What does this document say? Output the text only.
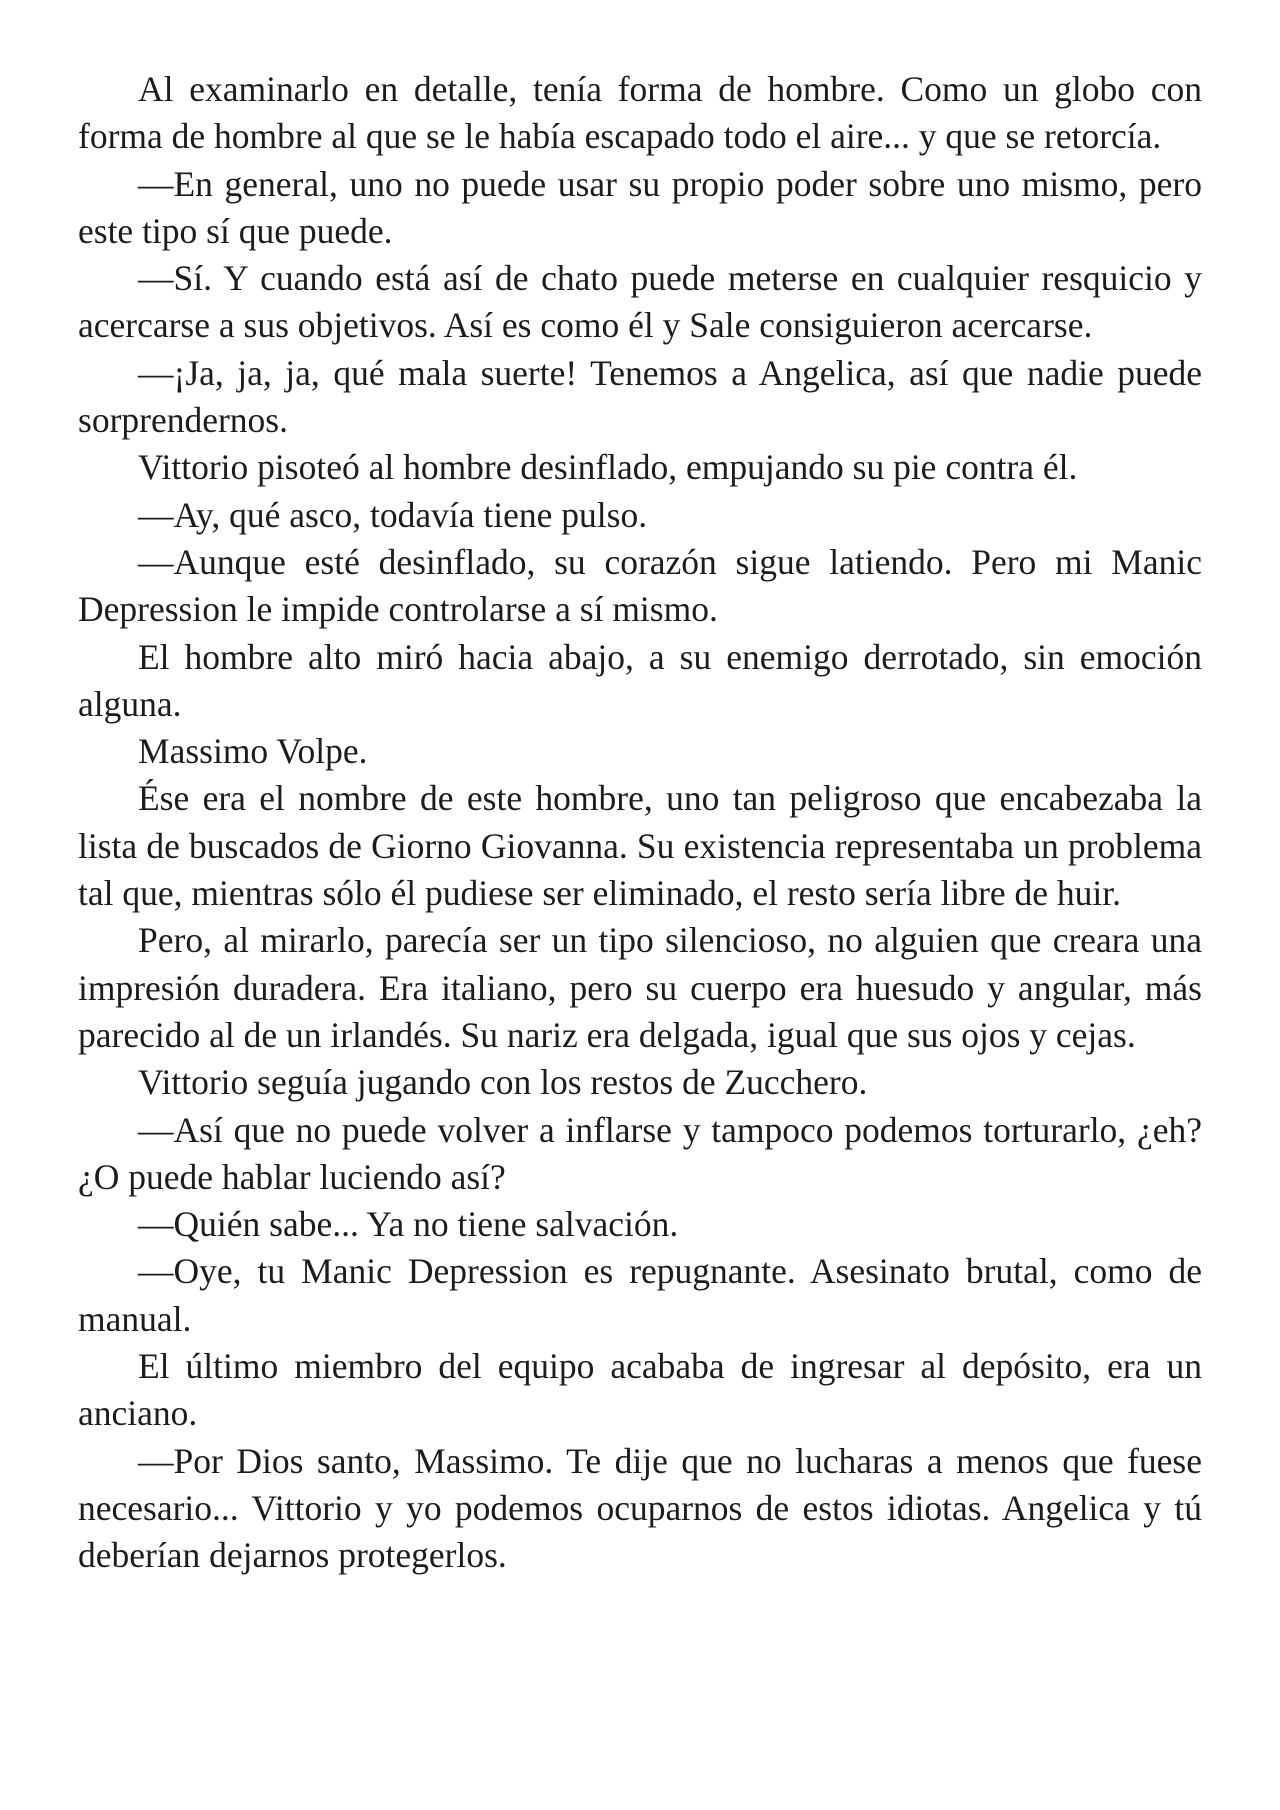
Al examinarlo en detalle, tenía forma de hombre. Como un globo con forma de hombre al que se le había escapado todo el aire... y que se retorcía.

—En general, uno no puede usar su propio poder sobre uno mismo, pero este tipo sí que puede.

—Sí. Y cuando está así de chato puede meterse en cualquier resquicio y acercarse a sus objetivos. Así es como él y Sale consiguieron acercarse.

—¡Ja, ja, ja, qué mala suerte! Tenemos a Angelica, así que nadie puede sorprendernos.

Vittorio pisoteó al hombre desinflado, empujando su pie contra él.

—Ay, qué asco, todavía tiene pulso.

—Aunque esté desinflado, su corazón sigue latiendo. Pero mi Manic Depression le impide controlarse a sí mismo.

El hombre alto miró hacia abajo, a su enemigo derrotado, sin emoción alguna.

Massimo Volpe.

Ése era el nombre de este hombre, uno tan peligroso que encabezaba la lista de buscados de Giorno Giovanna. Su existencia representaba un problema tal que, mientras sólo él pudiese ser eliminado, el resto sería libre de huir.

Pero, al mirarlo, parecía ser un tipo silencioso, no alguien que creara una impresión duradera. Era italiano, pero su cuerpo era huesudo y angular, más parecido al de un irlandés. Su nariz era delgada, igual que sus ojos y cejas.

Vittorio seguía jugando con los restos de Zucchero.

—Así que no puede volver a inflarse y tampoco podemos torturarlo, ¿eh? ¿O puede hablar luciendo así?

—Quién sabe... Ya no tiene salvación.

—Oye, tu Manic Depression es repugnante. Asesinato brutal, como de manual.

El último miembro del equipo acababa de ingresar al depósito, era un anciano.

—Por Dios santo, Massimo. Te dije que no lucharas a menos que fuese necesario... Vittorio y yo podemos ocuparnos de estos idiotas. Angelica y tú deberían dejarnos protegerlos.
